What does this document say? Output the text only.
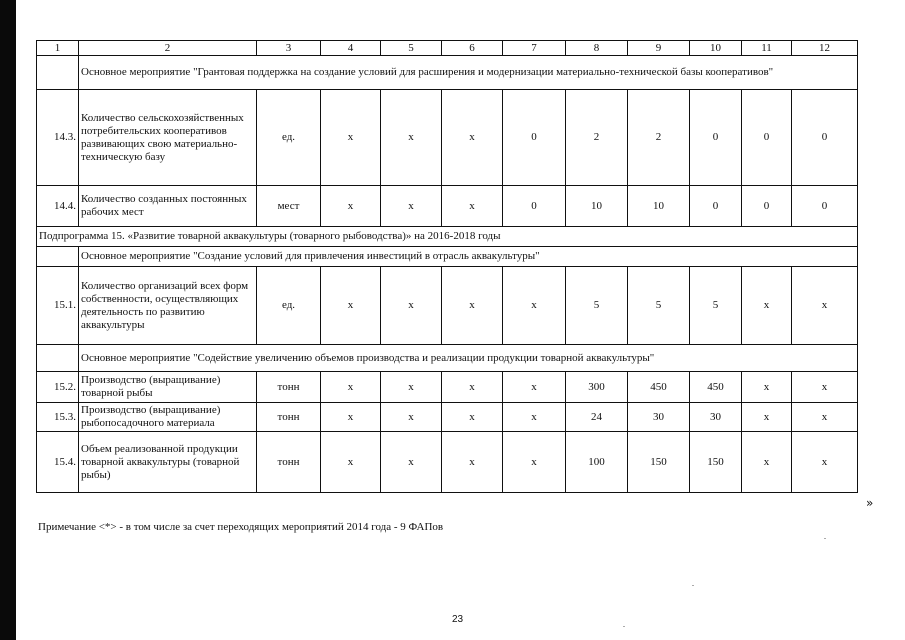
1	2	3	4	5	6	7	8	9	10	11	12
	Основное мероприятие "Грантовая поддержка на создание условий для расширения и модернизации материально-технической базы кооперативов"										
14.3.	Количество сельскохозяйственных потребительских кооперативов развивающих свою материально-техническую базу	ед.	x	x	x	0	2	2	0	0	0
14.4.	Количество созданных постоянных рабочих мест	мест	x	x	x	0	10	10	0	0	0
Подпрограмма 15. «Развитие товарной аквакультуры (товарного рыбоводства)» на 2016-2018 годы											
	Основное мероприятие "Создание условий для привлечения инвестиций в отрасль аквакультуры"										
15.1.	Количество организаций всех форм собственности, осуществляющих деятельность по развитию аквакультуры	ед.	x	x	x	x	5	5	5	x	x
	Основное мероприятие "Содействие увеличению объемов производства и реализации продукции товарной аквакультуры"										
15.2.	Производство (выращивание) товарной рыбы	тонн	x	x	x	x	300	450	450	x	x
15.3.	Производство (выращивание) рыбопосадочного материала	тонн	x	x	x	x	24	30	30	x	x
15.4.	Объем реализованной продукции товарной аквакультуры (товарной рыбы)	тонн	x	x	x	x	100	150	150	x	x
»
Примечание <*> - в том числе за счет переходящих мероприятий 2014 года - 9 ФАПов
23
